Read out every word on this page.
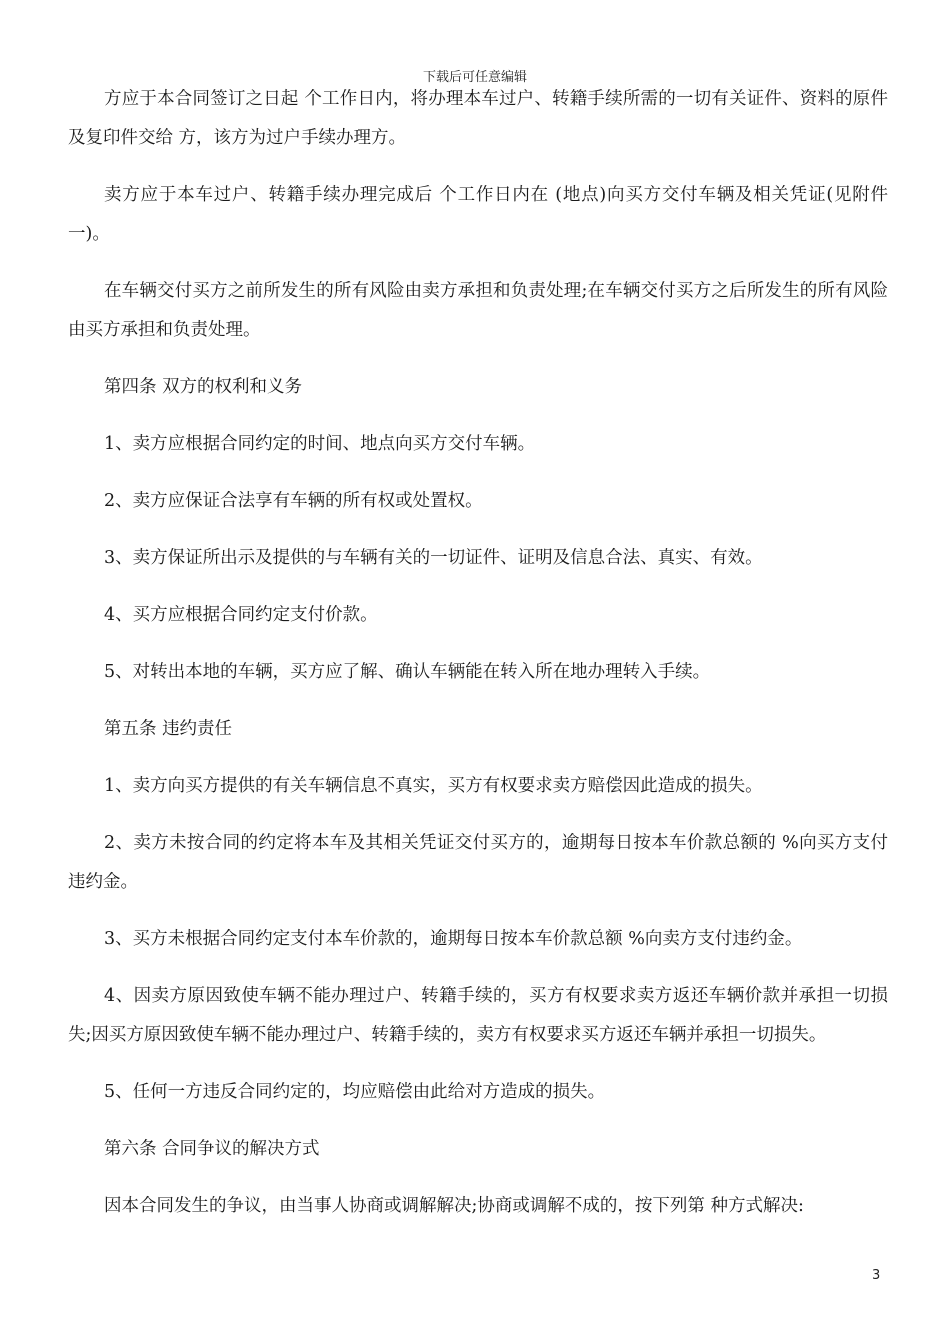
下载后可任意编辑

方应于本合同签订之日起 个工作日内，将办理本车过户、转籍手续所需的一切有关证件、资料的原件及复印件交给 方，该方为过户手续办理方。

卖方应于本车过户、转籍手续办理完成后 个工作日内在 (地点)向买方交付车辆及相关凭证(见附件一)。

在车辆交付买方之前所发生的所有风险由卖方承担和负责处理;在车辆交付买方之后所发生的所有风险由买方承担和负责处理。

第四条 双方的权利和义务

1、卖方应根据合同约定的时间、地点向买方交付车辆。

2、卖方应保证合法享有车辆的所有权或处置权。

3、卖方保证所出示及提供的与车辆有关的一切证件、证明及信息合法、真实、有效。

4、买方应根据合同约定支付价款。

5、对转出本地的车辆，买方应了解、确认车辆能在转入所在地办理转入手续。

第五条 违约责任

1、卖方向买方提供的有关车辆信息不真实，买方有权要求卖方赔偿因此造成的损失。

2、卖方未按合同的约定将本车及其相关凭证交付买方的，逾期每日按本车价款总额的 %向买方支付违约金。

3、买方未根据合同约定支付本车价款的，逾期每日按本车价款总额 %向卖方支付违约金。

4、因卖方原因致使车辆不能办理过户、转籍手续的，买方有权要求卖方返还车辆价款并承担一切损失;因买方原因致使车辆不能办理过户、转籍手续的，卖方有权要求买方返还车辆并承担一切损失。

5、任何一方违反合同约定的，均应赔偿由此给对方造成的损失。

第六条 合同争议的解决方式

因本合同发生的争议，由当事人协商或调解解决;协商或调解不成的，按下列第 种方式解决:

3
